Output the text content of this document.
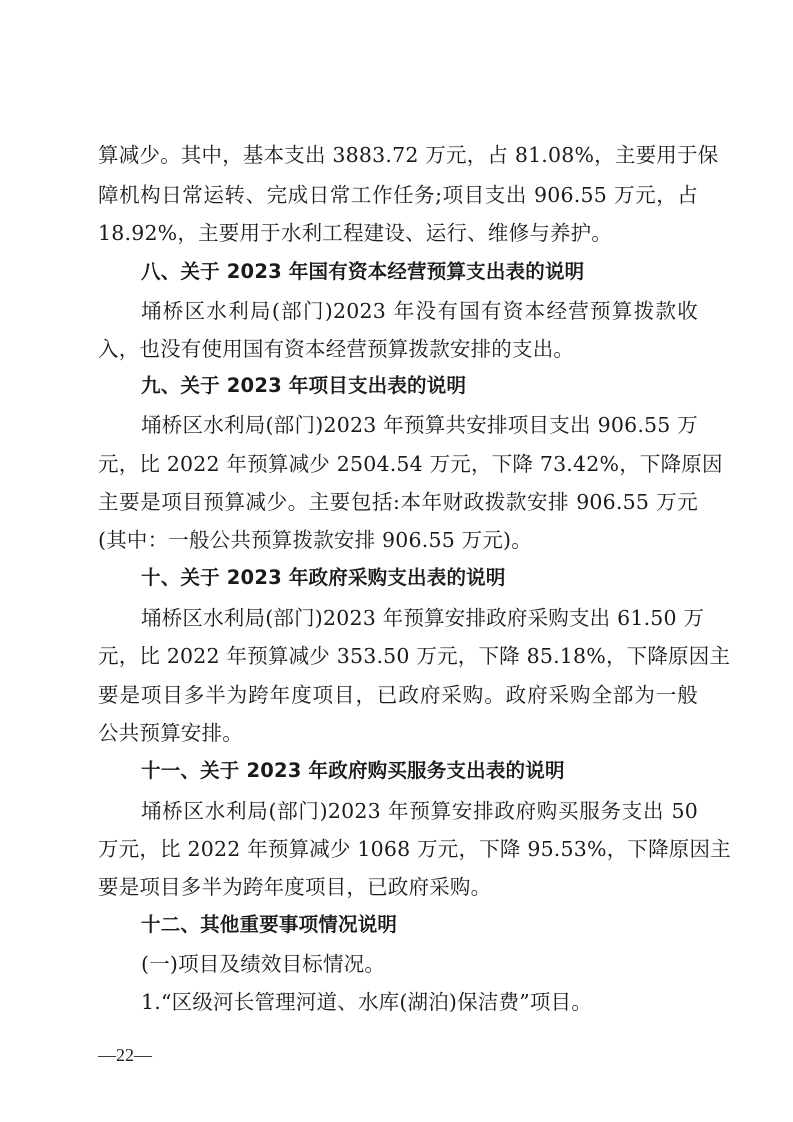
算减少。其中，基本支出 3883.72 万元，占 81.08%，主要用于保
障机构日常运转、完成日常工作任务;项目支出 906.55 万元，占
18.92%，主要用于水利工程建设、运行、维修与养护。
八、关于 2023 年国有资本经营预算支出表的说明
埇桥区水利局(部门)2023 年没有国有资本经营预算拨款收
入，也没有使用国有资本经营预算拨款安排的支出。
九、关于 2023 年项目支出表的说明
埇桥区水利局(部门)2023 年预算共安排项目支出 906.55 万
元，比 2022 年预算减少 2504.54 万元，下降 73.42%，下降原因
主要是项目预算减少。主要包括:本年财政拨款安排 906.55 万元
(其中：一般公共预算拨款安排 906.55 万元)。
十、关于 2023 年政府采购支出表的说明
埇桥区水利局(部门)2023 年预算安排政府采购支出 61.50 万
元，比 2022 年预算减少 353.50 万元，下降 85.18%，下降原因主
要是项目多半为跨年度项目，已政府采购。政府采购全部为一般
公共预算安排。
十一、关于 2023 年政府购买服务支出表的说明
埇桥区水利局(部门)2023 年预算安排政府购买服务支出 50
万元，比 2022 年预算减少 1068 万元，下降 95.53%，下降原因主
要是项目多半为跨年度项目，已政府采购。
十二、其他重要事项情况说明
(一)项目及绩效目标情况。
1.“区级河长管理河道、水库(湖泊)保洁费”项目。
—22—
